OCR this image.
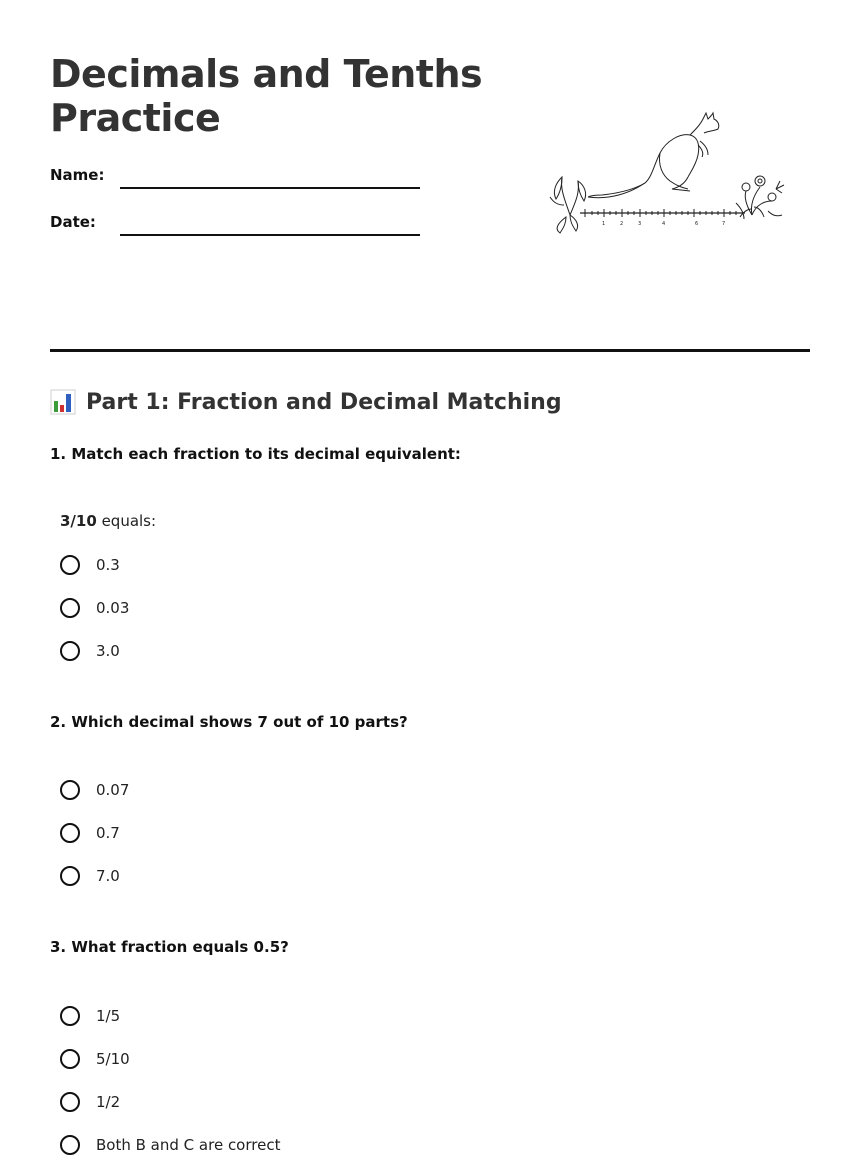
Decimals and Tenths Practice
Name:
Date:	1	2	3	4	6	7
Part 1: Fraction and Decimal Matching
1. Match each fraction to its decimal equivalent:
3/10 equals:
0.3
0.03
3.0
2. Which decimal shows 7 out of 10 parts?
0.07
0.7
7.0
3. What fraction equals 0.5?
1/5
5/10
1/2
Both B and C are correct
